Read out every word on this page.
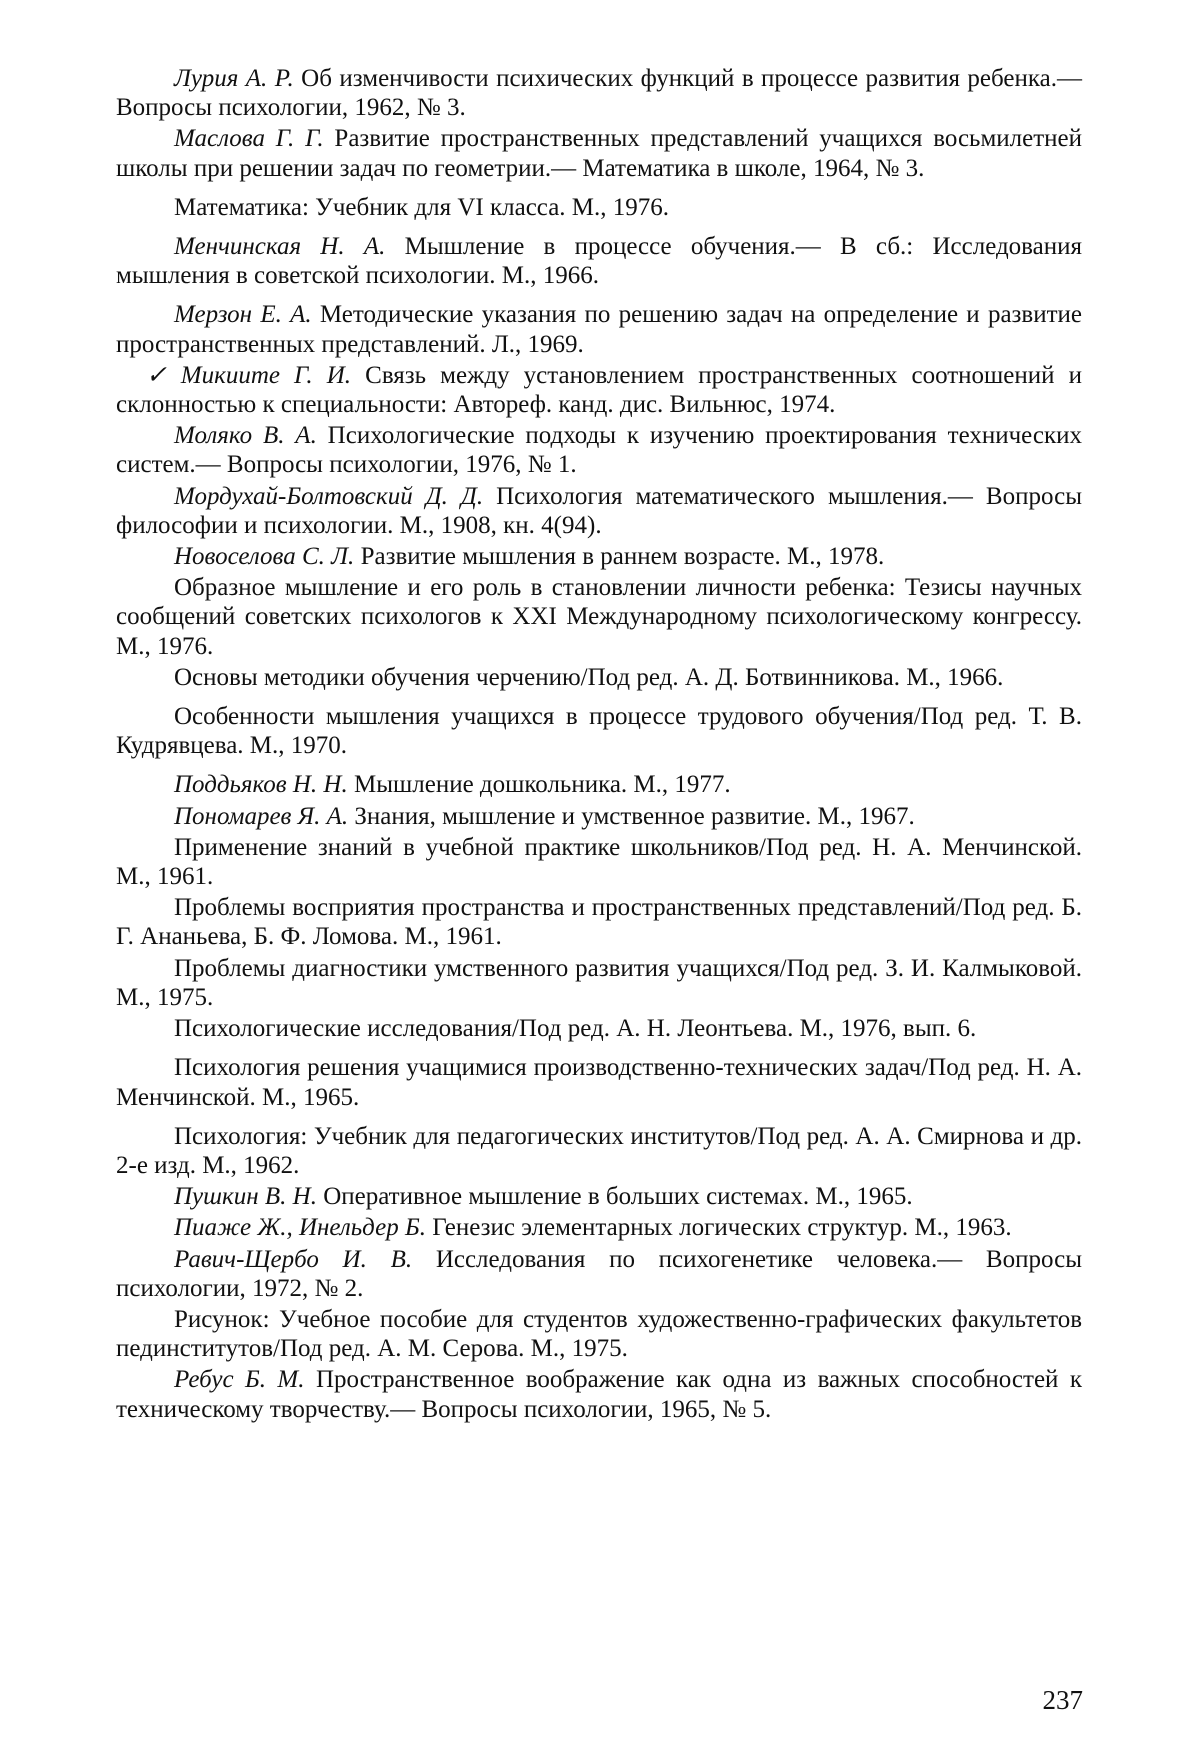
Лурия А. Р. Об изменчивости психических функций в процессе развития ребенка.— Вопросы психологии, 1962, № 3.

Маслова Г. Г. Развитие пространственных представлений учащихся восьмилетней школы при решении задач по геометрии.— Математика в школе, 1964, № 3.

Математика: Учебник для VI класса. М., 1976.

Менчинская Н. А. Мышление в процессе обучения.— В сб.: Исследования мышления в советской психологии. М., 1966.

Мерзон Е. А. Методические указания по решению задач на определение и развитие пространственных представлений. Л., 1969.

✓ Микиите Г. И. Связь между установлением пространственных соотношений и склонностью к специальности: Автореф. канд. дис. Вильнюс, 1974.

Моляко В. А. Психологические подходы к изучению проектирования технических систем.— Вопросы психологии, 1976, № 1.

Мордухай-Болтовский Д. Д. Психология математического мышления.— Вопросы философии и психологии. М., 1908, кн. 4(94).

Новоселова С. Л. Развитие мышления в раннем возрасте. М., 1978.

Образное мышление и его роль в становлении личности ребенка: Тезисы научных сообщений советских психологов к XXI Международному психологическому конгрессу. М., 1976.

Основы методики обучения черчению/Под ред. А. Д. Ботвинникова. М., 1966.

Особенности мышления учащихся в процессе трудового обучения/Под ред. Т. В. Кудрявцева. М., 1970.

Поддьяков Н. Н. Мышление дошкольника. М., 1977.

Пономарев Я. А. Знания, мышление и умственное развитие. М., 1967.

Применение знаний в учебной практике школьников/Под ред. Н. А. Менчинской. М., 1961.

Проблемы восприятия пространства и пространственных представлений/Под ред. Б. Г. Ананьева, Б. Ф. Ломова. М., 1961.

Проблемы диагностики умственного развития учащихся/Под ред. З. И. Калмыковой. М., 1975.

Психологические исследования/Под ред. А. Н. Леонтьева. М., 1976, вып. 6.

Психология решения учащимися производственно-технических задач/Под ред. Н. А. Менчинской. М., 1965.

Психология: Учебник для педагогических институтов/Под ред. А. А. Смирнова и др. 2-е изд. М., 1962.

Пушкин В. Н. Оперативное мышление в больших системах. М., 1965.

Пиаже Ж., Инельдер Б. Генезис элементарных логических структур. М., 1963.

Равич-Щербо И. В. Исследования по психогенетике человека.— Вопросы психологии, 1972, № 2.

Рисунок: Учебное пособие для студентов художественно-графических факультетов пединститутов/Под ред. А. М. Серова. М., 1975.

Ребус Б. М. Пространственное воображение как одна из важных способностей к техническому творчеству.— Вопросы психологии, 1965, № 5.

237
